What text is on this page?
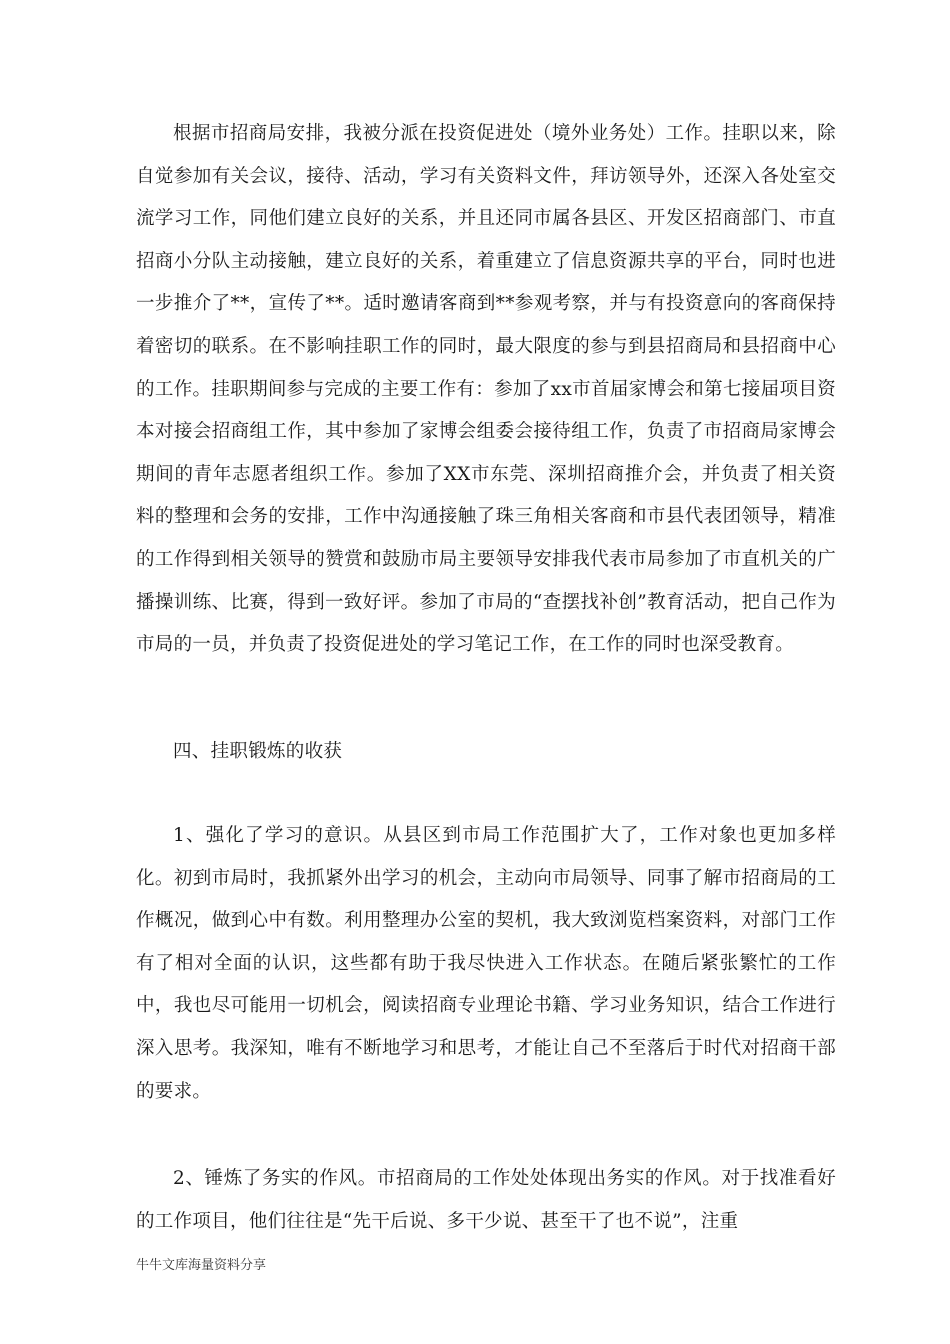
根据市招商局安排，我被分派在投资促进处（境外业务处）工作。挂职以来，除自觉参加有关会议，接待、活动，学习有关资料文件，拜访领导外，还深入各处室交流学习工作，同他们建立良好的关系，并且还同市属各县区、开发区招商部门、市直招商小分队主动接触，建立良好的关系，着重建立了信息资源共享的平台，同时也进一步推介了**，宣传了**。适时邀请客商到**参观考察，并与有投资意向的客商保持着密切的联系。在不影响挂职工作的同时，最大限度的参与到县招商局和县招商中心的工作。挂职期间参与完成的主要工作有：参加了xx市首届家博会和第七接届项目资本对接会招商组工作，其中参加了家博会组委会接待组工作，负责了市招商局家博会期间的青年志愿者组织工作。参加了XX市东莞、深圳招商推介会，并负责了相关资料的整理和会务的安排，工作中沟通接触了珠三角相关客商和市县代表团领导，精准的工作得到相关领导的赞赏和鼓励市局主要领导安排我代表市局参加了市直机关的广播操训练、比赛，得到一致好评。参加了市局的“查摆找补创”教育活动，把自己作为市局的一员，并负责了投资促进处的学习笔记工作，在工作的同时也深受教育。

四、挂职锻炼的收获

1、强化了学习的意识。从县区到市局工作范围扩大了，工作对象也更加多样化。初到市局时，我抓紧外出学习的机会，主动向市局领导、同事了解市招商局的工作概况，做到心中有数。利用整理办公室的契机，我大致浏览档案资料，对部门工作有了相对全面的认识，这些都有助于我尽快进入工作状态。在随后紧张繁忙的工作中，我也尽可能用一切机会，阅读招商专业理论书籍、学习业务知识，结合工作进行深入思考。我深知，唯有不断地学习和思考，才能让自己不至落后于时代对招商干部的要求。

2、锤炼了务实的作风。市招商局的工作处处体现出务实的作风。对于找准看好的工作项目，他们往往是“先干后说、多干少说、甚至干了也不说”，注重

牛牛文库海量资料分享
